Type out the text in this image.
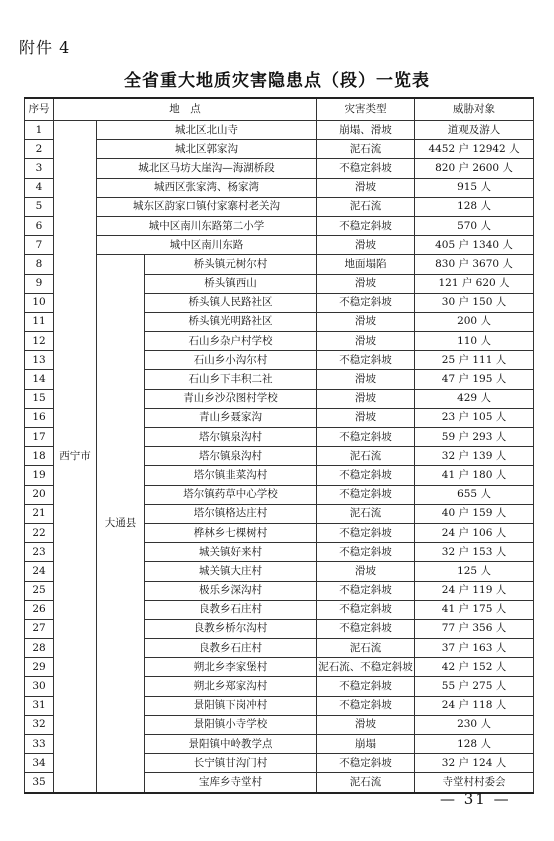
附件 4
全省重大地质灾害隐患点（段）一览表
序号	地　点			灾害类型	威胁对象
1	西宁市	城北区北山寺		崩塌、滑坡	道观及游人
2		城北区郭家沟		泥石流	4452 户 12942 人
3		城北区马坊大崖沟—海湖桥段		不稳定斜坡	820 户 2600 人
4		城西区张家湾、杨家湾		滑坡	915 人
5		城东区韵家口镇付家寨村老关沟		泥石流	128 人
6		城中区南川东路第二小学		不稳定斜坡	570 人
7		城中区南川东路		滑坡	405 户 1340 人
8		大通县	桥头镇元树尔村	地面塌陷	830 户 3670 人
9			桥头镇西山	滑坡	121 户 620 人
10			桥头镇人民路社区	不稳定斜坡	30 户 150 人
11			桥头镇光明路社区	滑坡	200 人
12			石山乡杂户村学校	滑坡	110 人
13			石山乡小沟尔村	不稳定斜坡	25 户 111 人
14			石山乡下丰积二社	滑坡	47 户 195 人
15			青山乡沙尕图村学校	滑坡	429 人
16			青山乡聂家沟	滑坡	23 户 105 人
17			塔尔镇泉沟村	不稳定斜坡	59 户 293 人
18			塔尔镇泉沟村	泥石流	32 户 139 人
19			塔尔镇韭菜沟村	不稳定斜坡	41 户 180 人
20			塔尔镇药草中心学校	不稳定斜坡	655 人
21			塔尔镇格达庄村	泥石流	40 户 159 人
22			桦林乡七棵树村	不稳定斜坡	24 户 106 人
23			城关镇好来村	不稳定斜坡	32 户 153 人
24			城关镇大庄村	滑坡	125 人
25			极乐乡深沟村	不稳定斜坡	24 户 119 人
26			良教乡石庄村	不稳定斜坡	41 户 175 人
27			良教乡桥尔沟村	不稳定斜坡	77 户 356 人
28			良教乡石庄村	泥石流	37 户 163 人
29			朔北乡李家堡村	泥石流、不稳定斜坡	42 户 152 人
30			朔北乡郑家沟村	不稳定斜坡	55 户 275 人
31			景阳镇下岗冲村	不稳定斜坡	24 户 118 人
32			景阳镇小寺学校	滑坡	230 人
33			景阳镇中岭教学点	崩塌	128 人
34			长宁镇甘沟门村	不稳定斜坡	32 户 124 人
35			宝库乡寺堂村	泥石流	寺堂村村委会
— 31 —
